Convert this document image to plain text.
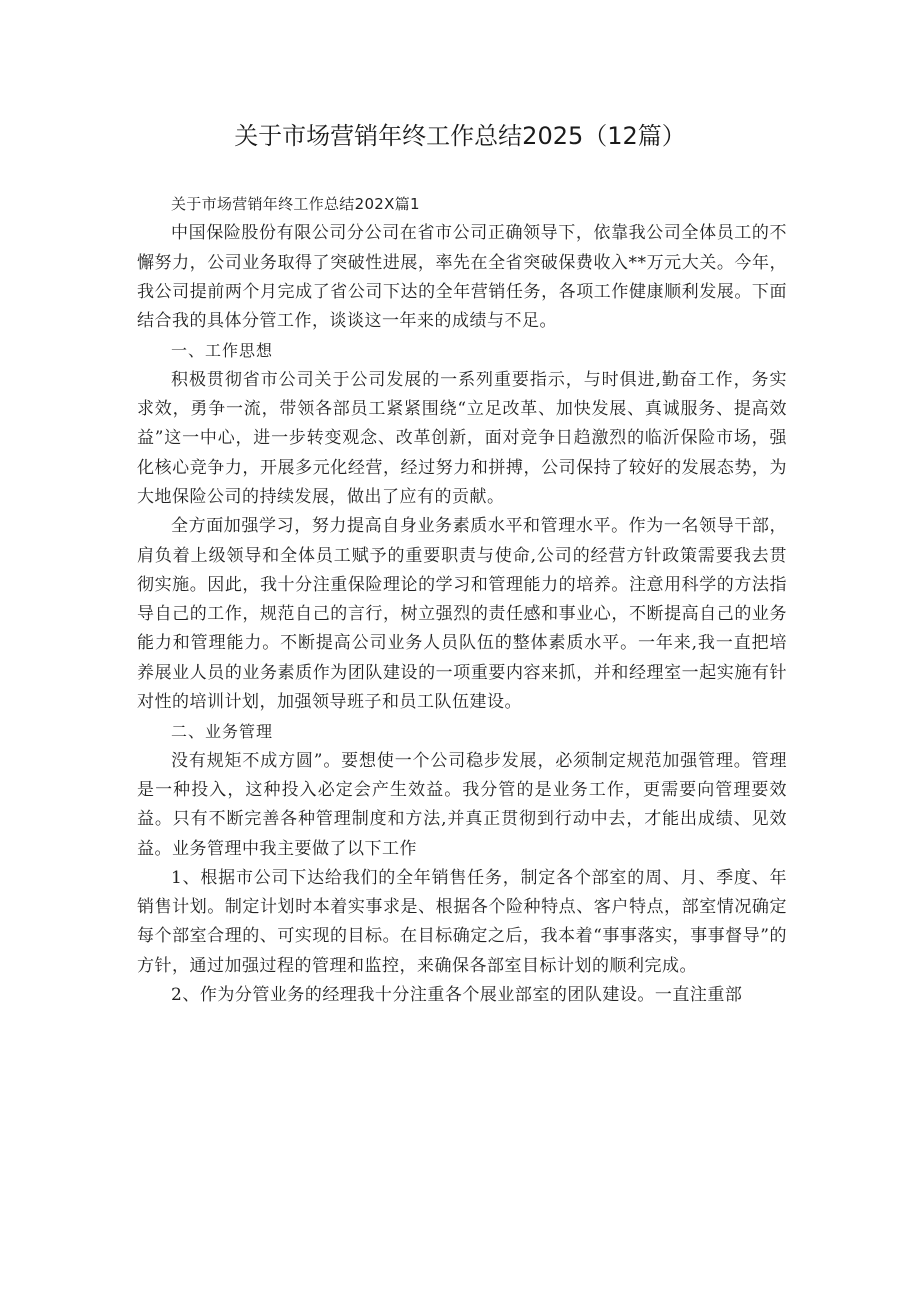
关于市场营销年终工作总结2025（12篇）

关于市场营销年终工作总结202X篇1

中国保险股份有限公司分公司在省市公司正确领导下，依靠我公司全体员工的不懈努力，公司业务取得了突破性进展，率先在全省突破保费收入**万元大关。今年，我公司提前两个月完成了省公司下达的全年营销任务，各项工作健康顺利发展。下面结合我的具体分管工作，谈谈这一年来的成绩与不足。

一、工作思想

积极贯彻省市公司关于公司发展的一系列重要指示，与时俱进,勤奋工作，务实求效，勇争一流，带领各部员工紧紧围绕“立足改革、加快发展、真诚服务、提高效益”这一中心，进一步转变观念、改革创新，面对竞争日趋激烈的临沂保险市场，强化核心竞争力，开展多元化经营，经过努力和拼搏，公司保持了较好的发展态势，为大地保险公司的持续发展，做出了应有的贡献。

全方面加强学习，努力提高自身业务素质水平和管理水平。作为一名领导干部，肩负着上级领导和全体员工赋予的重要职责与使命,公司的经营方针政策需要我去贯彻实施。因此，我十分注重保险理论的学习和管理能力的培养。注意用科学的方法指导自己的工作，规范自己的言行，树立强烈的责任感和事业心，不断提高自己的业务能力和管理能力。不断提高公司业务人员队伍的整体素质水平。一年来,我一直把培养展业人员的业务素质作为团队建设的一项重要内容来抓，并和经理室一起实施有针对性的培训计划，加强领导班子和员工队伍建设。

二、业务管理

没有规矩不成方圆”。要想使一个公司稳步发展，必须制定规范加强管理。管理是一种投入，这种投入必定会产生效益。我分管的是业务工作，更需要向管理要效益。只有不断完善各种管理制度和方法,并真正贯彻到行动中去，才能出成绩、见效益。业务管理中我主要做了以下工作

1、根据市公司下达给我们的全年销售任务，制定各个部室的周、月、季度、年销售计划。制定计划时本着实事求是、根据各个险种特点、客户特点，部室情况确定每个部室合理的、可实现的目标。在目标确定之后，我本着“事事落实，事事督导”的方针，通过加强过程的管理和监控，来确保各部室目标计划的顺利完成。

2、作为分管业务的经理我十分注重各个展业部室的团队建设。一直注重部
